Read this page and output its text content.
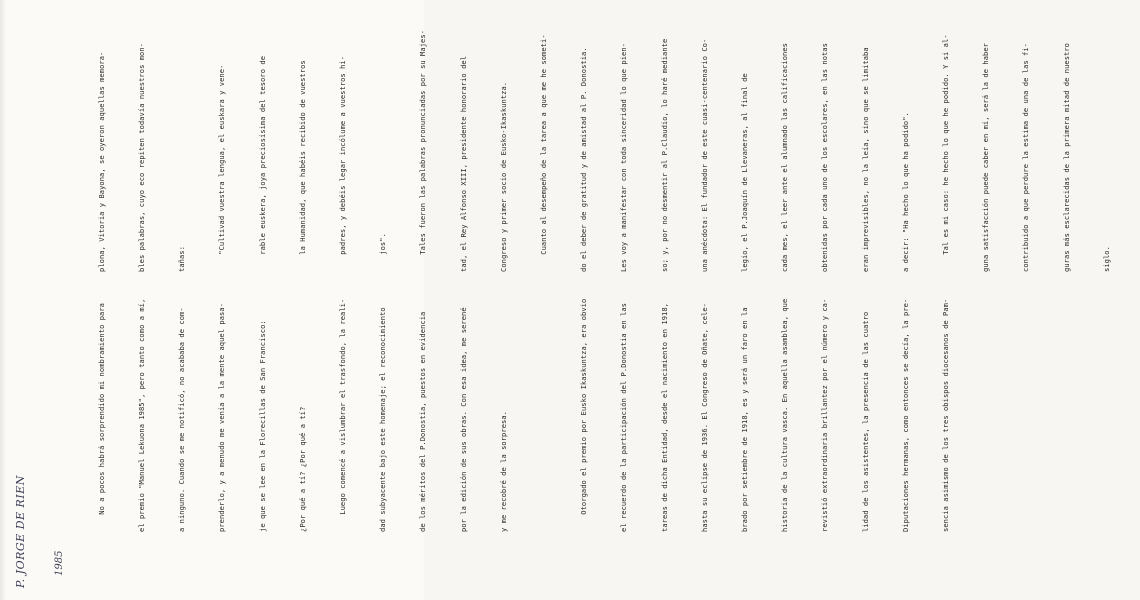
P. JORGE DE RIEN	1985

No a pocos habrá sorprendido mi nombramiento para

	el premio "Manuel Lekuona 1985", pero tanto como a mí,

	a ninguno. Cuando se me notificó, no acababa de com-

	prenderlo, y a menudo me venía a la mente aquel pasa-

	je que se lee en la Florecillas de San Francisco:

	¿Por qué a tí? ¿Por qué a tí?

	Luego comencé a vislumbrar el trasfondo, la reali-

	dad subyacente bajo este homenaje; el reconocimiento

	de los méritos del P.Donostia, puestos en evidencia

	por la edición de sus obras. Con esa idea, me serené

	y me recobré de la sorpresa.

	Otorgado el premio por Eusko Ikaskuntza, era obvio

	el recuerdo de la participación del P.Donostia en las

	tareas de dicha Entidad, desde el nacimiento en 1918,

	hasta su eclipse de 1936. El Congreso de Oñate, cele-

	brado por setiembre de 1918, es y será un faro en la

	historia de la cultura vasca. En aquella asamblea, que

	revistió extraordinaria brillantez por el número y ca-

	lidad de los asistentes, la presencia de las cuatro

	Diputaciones hermanas, como entonces se decía, la pre-

	sencia asimismo de los tres obispos diocesanos de Pam-

plona, Vitoria y Bayona, se oyeron aquellas memora-

	bles palabras, cuyo eco repiten todavía nuestros mon-

	tañas:

	"Cultivad vuestra lengua, el euskara y vene-

	rable euskera, joya preciosísima del tesoro de

	la Humanidad, que habéis recibido de vuestros

	padres, y debéis legar incólume a vuestros hi-

	jos".

	Tales fueron las palabras pronunciadas por su Majes-

	tad, el Rey Alfonso XIII, presidente honorario del

	Congreso y primer socio de Eusko-Ikaskuntza.

	Cuanto al desempeño de la tarea a que me he someti-

	do el deber de gratitud y de amistad al P. Donostia.

	Les voy a manifestar con toda sinceridad lo que pien-

	so; y, por no desmentir al P.Claudio, lo haré mediante

	una anécdota: El fundador de este cuasi-centenario Co-

	legio, el P.Joaquín de Llevaneras, al final de

	cada mes, el leer ante el alumnado las calificaciones

	obtenidas por cada uno de los escolares, en las notas

	eran imprevisibles, no la leía, sino que se limitaba

	a decir: "Ha hecho lo que ha podido".

	Tal es mi caso: he hecho lo que he podido. Y si al-

	guna satisfacción puede caber en mí, será la de haber

	contribuido a que perdure la estima de una de las fi-

	guras más esclarecidas de la primera mitad de nuestro

	siglo.
